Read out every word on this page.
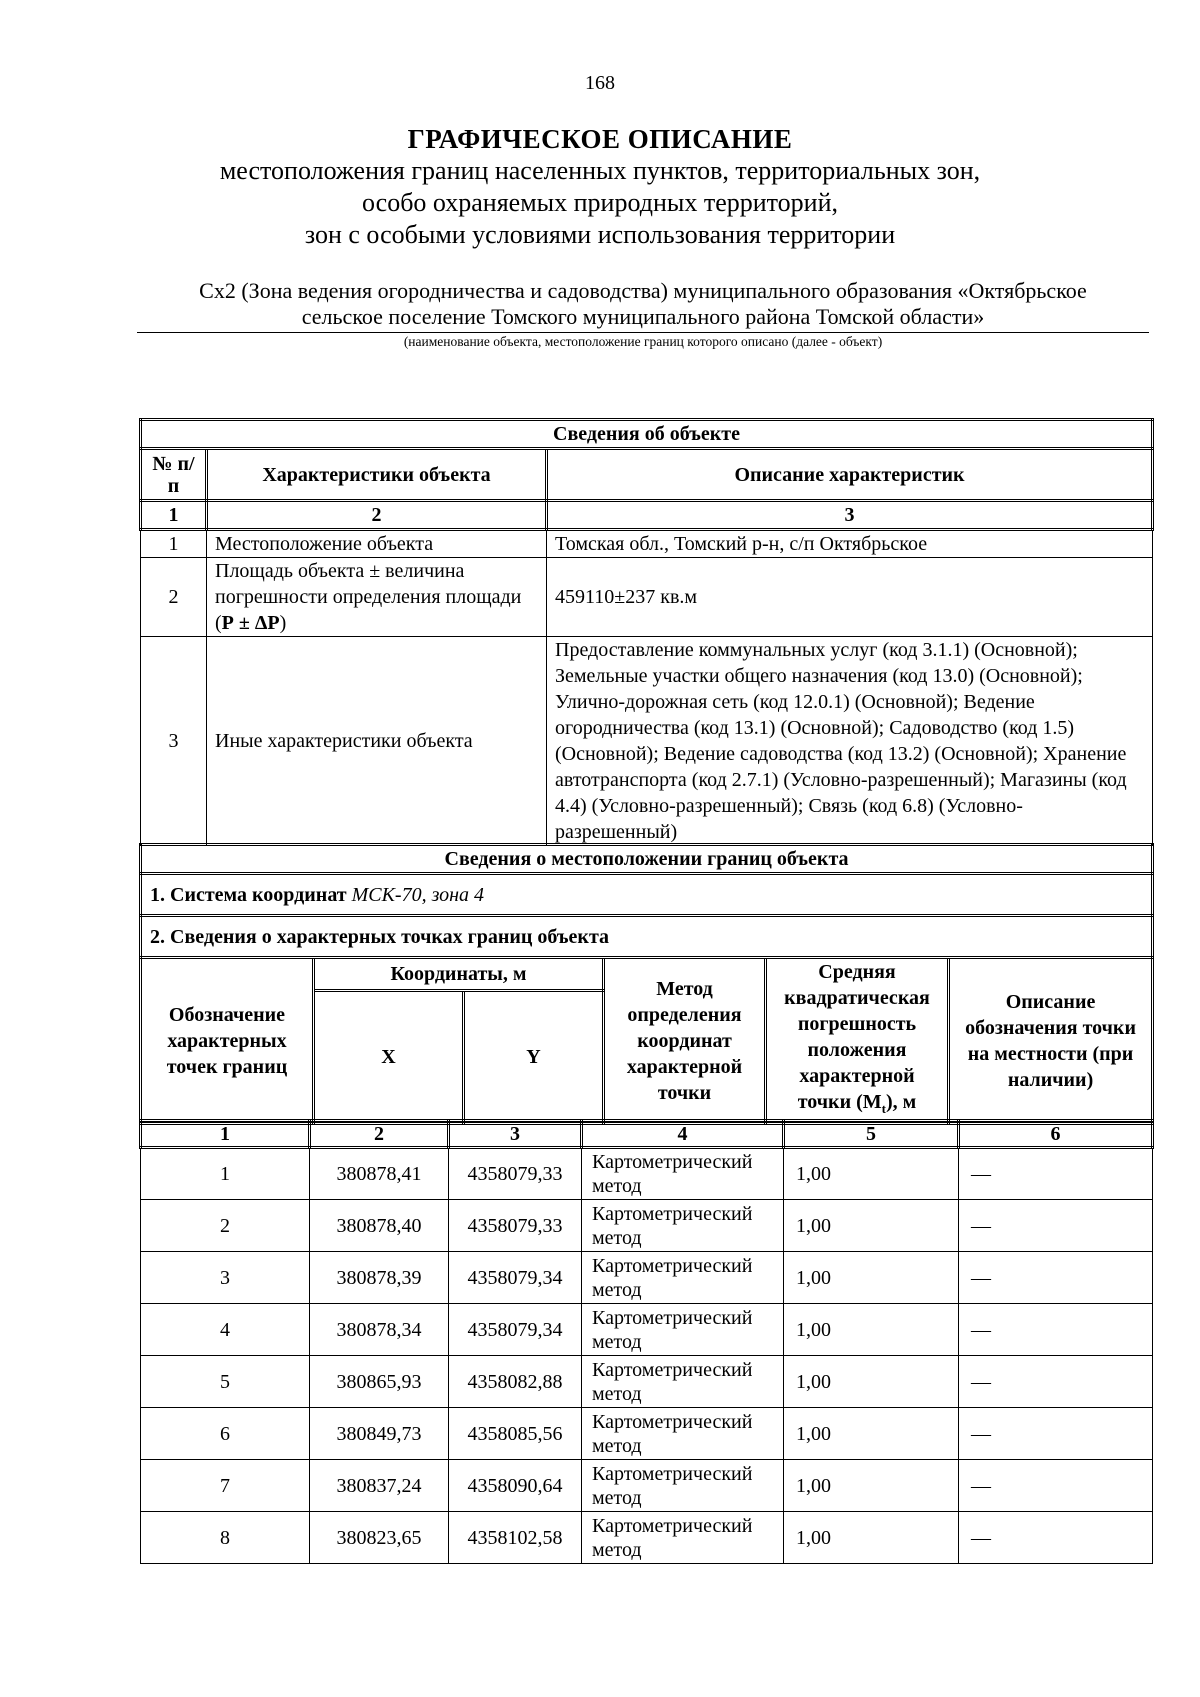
168
ГРАФИЧЕСКОЕ ОПИСАНИЕ
местоположения границ населенных пунктов, территориальных зон,
особо охраняемых природных территорий,
зон с особыми условиями использования территории
Сх2 (Зона ведения огородничества и садоводства) муниципального образования «Октябрьское
сельское поселение Томского муниципального района Томской области»
(наименование объекта, местоположение границ которого описано (далее - объект)
Сведения об объекте		
№ п/п	Характеристики объекта	Описание характеристик
1	2	3
1	Местоположение объекта	Томская обл., Томский р-н, с/п Октябрьское
2	Площадь объекта ± величина погрешности определения площади (Р ± ΔР)	459110±237 кв.м
3	Иные характеристики объекта	Предоставление коммунальных услуг (код 3.1.1) (Основной); Земельные участки общего назначения (код 13.0) (Основной); Улично-дорожная сеть (код 12.0.1) (Основной); Ведение огородничества (код 13.1) (Основной); Садоводство (код 1.5) (Основной); Ведение садоводства (код 13.2) (Основной); Хранение автотранспорта (код 2.7.1) (Условно-разрешенный); Магазины (код 4.4) (Условно-разрешенный); Связь (код 6.8) (Условно-разрешенный)
Сведения о местоположении границ объекта					
1. Система координат МСК-70, зона 4					
2. Сведения о характерных точках границ объекта					
Обозначение характерных точек границ	Координаты, м		Метод определения координат характерной точки	Средняя квадратическая погрешность положения характерной точки $(M_t)$, м	Описание обозначения точки на местности (при наличии)
	X	Y			
1	2	3	4	5	6
1	380878,41	4358079,33	Картометрический метод	1,00	—
2	380878,40	4358079,33	Картометрический метод	1,00	—
3	380878,39	4358079,34	Картометрический метод	1,00	—
4	380878,34	4358079,34	Картометрический метод	1,00	—
5	380865,93	4358082,88	Картометрический метод	1,00	—
6	380849,73	4358085,56	Картометрический метод	1,00	—
7	380837,24	4358090,64	Картометрический метод	1,00	—
8	380823,65	4358102,58	Картометрический метод	1,00	—
